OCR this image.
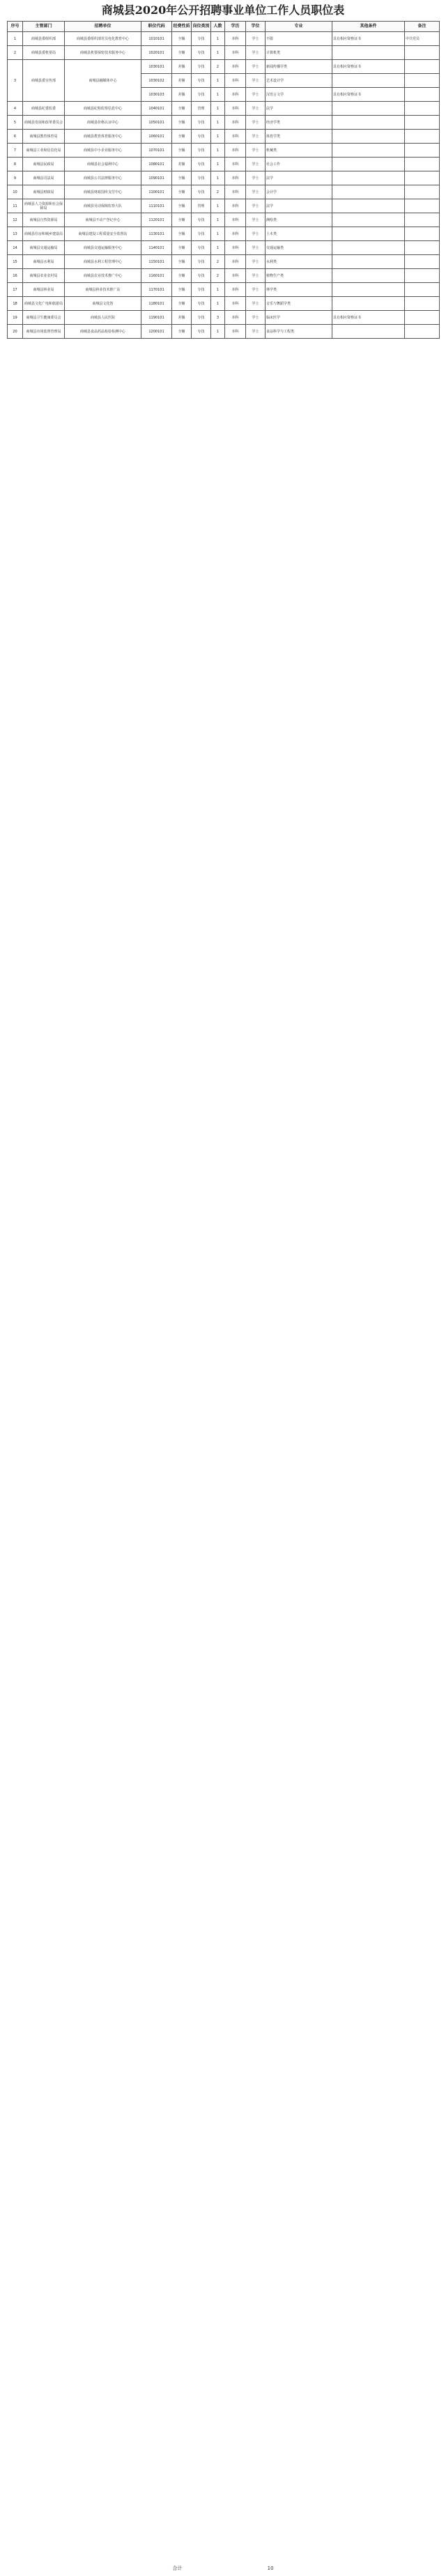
商城县2020年公开招聘事业单位工作人员职位表
序号	主管部门	招聘单位	职位代码	经费性质	岗位类别	人数	学历	学位	专业	其他条件	备注
1	商城县委组织部	商城县委组织部党员电化教育中心	1010101	全额	专技	1	本科	学士	不限	具有相应资格证书	中共党员
2	商城县委机要局	商城县机要保密技术服务中心	1020101	全额	专技	1	本科	学士	计算机类		
3	商城县委宣传部	商城县融媒体中心	1030101	差额	专技	2	本科	学士	新闻传播学类	具有相应资格证书	
			1030102	差额	专技	1	本科	学士	艺术设计学		
			1030103	差额	专技	1	本科	学士	汉语言文学	具有相应资格证书	
4	商城县纪委监委	商城县纪检监察信息中心	1040101	全额	管理	1	本科	学士	法学		
5	商城县发展和改革委员会	商城县价格认证中心	1050101	全额	专技	1	本科	学士	经济学类		
6	商城县教育体育局	商城县教育体育服务中心	1060101	全额	专技	1	本科	学士	体育学类		
7	商城县工业和信息化局	商城县中小企业服务中心	1070101	全额	专技	1	本科	学士	机械类		
8	商城县民政局	商城县社会福利中心	1080101	差额	专技	1	本科	学士	社会工作		
9	商城县司法局	商城县公共法律服务中心	1090101	全额	专技	1	本科	学士	法学		
10	商城县财政局	商城县财政国库支付中心	1100101	全额	专技	2	本科	学士	会计学		
11	商城县人力资源和社会保障局	商城县劳动保障监察大队	1110101	全额	管理	1	本科	学士	法学		
12	商城县自然资源局	商城县不动产登记中心	1120101	全额	专技	1	本科	学士	测绘类		
13	商城县住房和城乡建设局	商城县建设工程质量安全监督站	1130101	全额	专技	1	本科	学士	土木类		
14	商城县交通运输局	商城县交通运输服务中心	1140101	全额	专技	1	本科	学士	交通运输类		
15	商城县水利局	商城县水利工程管理中心	1150101	全额	专技	2	本科	学士	水利类		
16	商城县农业农村局	商城县农业技术推广中心	1160101	全额	专技	2	本科	学士	植物生产类		
17	商城县林业局	商城县林业技术推广站	1170101	全额	专技	1	本科	学士	林学类		
18	商城县文化广电和旅游局	商城县文化馆	1180101	全额	专技	1	本科	学士	音乐与舞蹈学类		
19	商城县卫生健康委员会	商城县人民医院	1190101	差额	专技	3	本科	学士	临床医学	具有相应资格证书	
20	商城县市场监督管理局	商城县食品药品检验检测中心	1200101	全额	专技	1	本科	学士	食品科学与工程类		
合计	10
